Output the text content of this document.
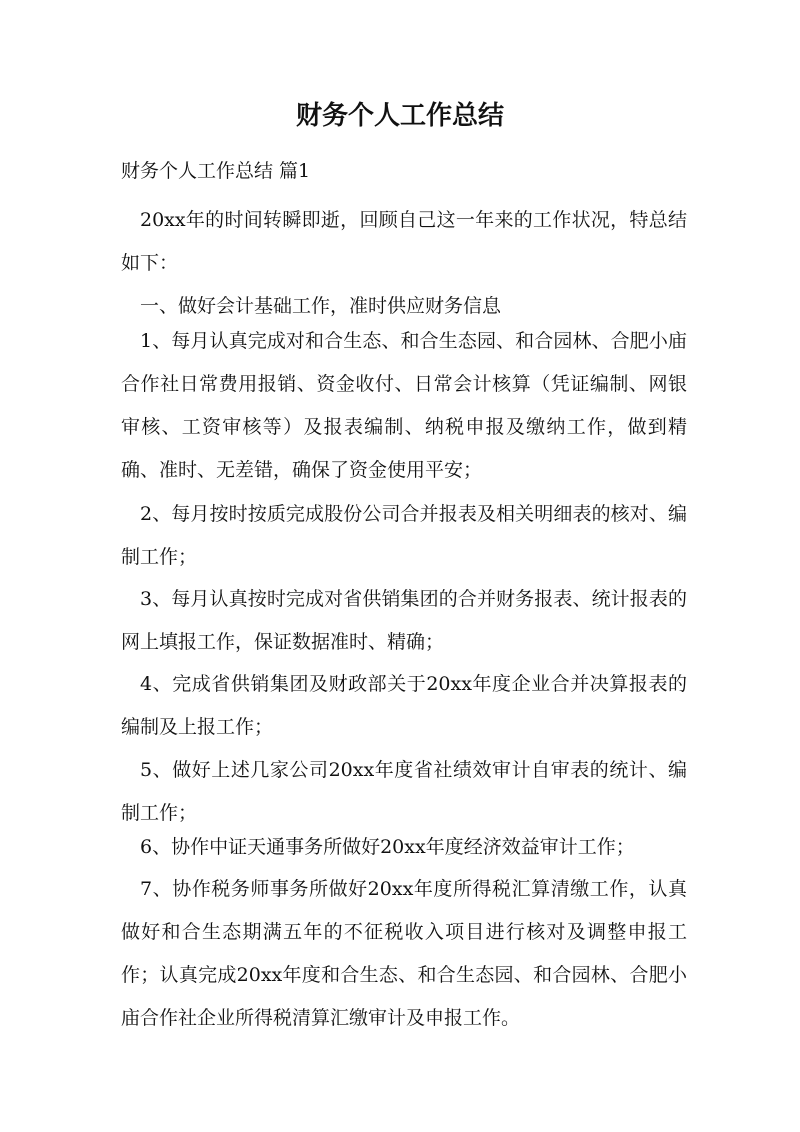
财务个人工作总结

财务个人工作总结 篇1

20xx年的时间转瞬即逝，回顾自己这一年来的工作状况，特总结如下：

一、做好会计基础工作，准时供应财务信息

1、每月认真完成对和合生态、和合生态园、和合园林、合肥小庙合作社日常费用报销、资金收付、日常会计核算（凭证编制、网银审核、工资审核等）及报表编制、纳税申报及缴纳工作，做到精确、准时、无差错，确保了资金使用平安；

2、每月按时按质完成股份公司合并报表及相关明细表的核对、编制工作；

3、每月认真按时完成对省供销集团的合并财务报表、统计报表的网上填报工作，保证数据准时、精确；

4、完成省供销集团及财政部关于20xx年度企业合并决算报表的编制及上报工作；

5、做好上述几家公司20xx年度省社绩效审计自审表的统计、编制工作；

6、协作中证天通事务所做好20xx年度经济效益审计工作；

7、协作税务师事务所做好20xx年度所得税汇算清缴工作，认真做好和合生态期满五年的不征税收入项目进行核对及调整申报工作；认真完成20xx年度和合生态、和合生态园、和合园林、合肥小庙合作社企业所得税清算汇缴审计及申报工作。
